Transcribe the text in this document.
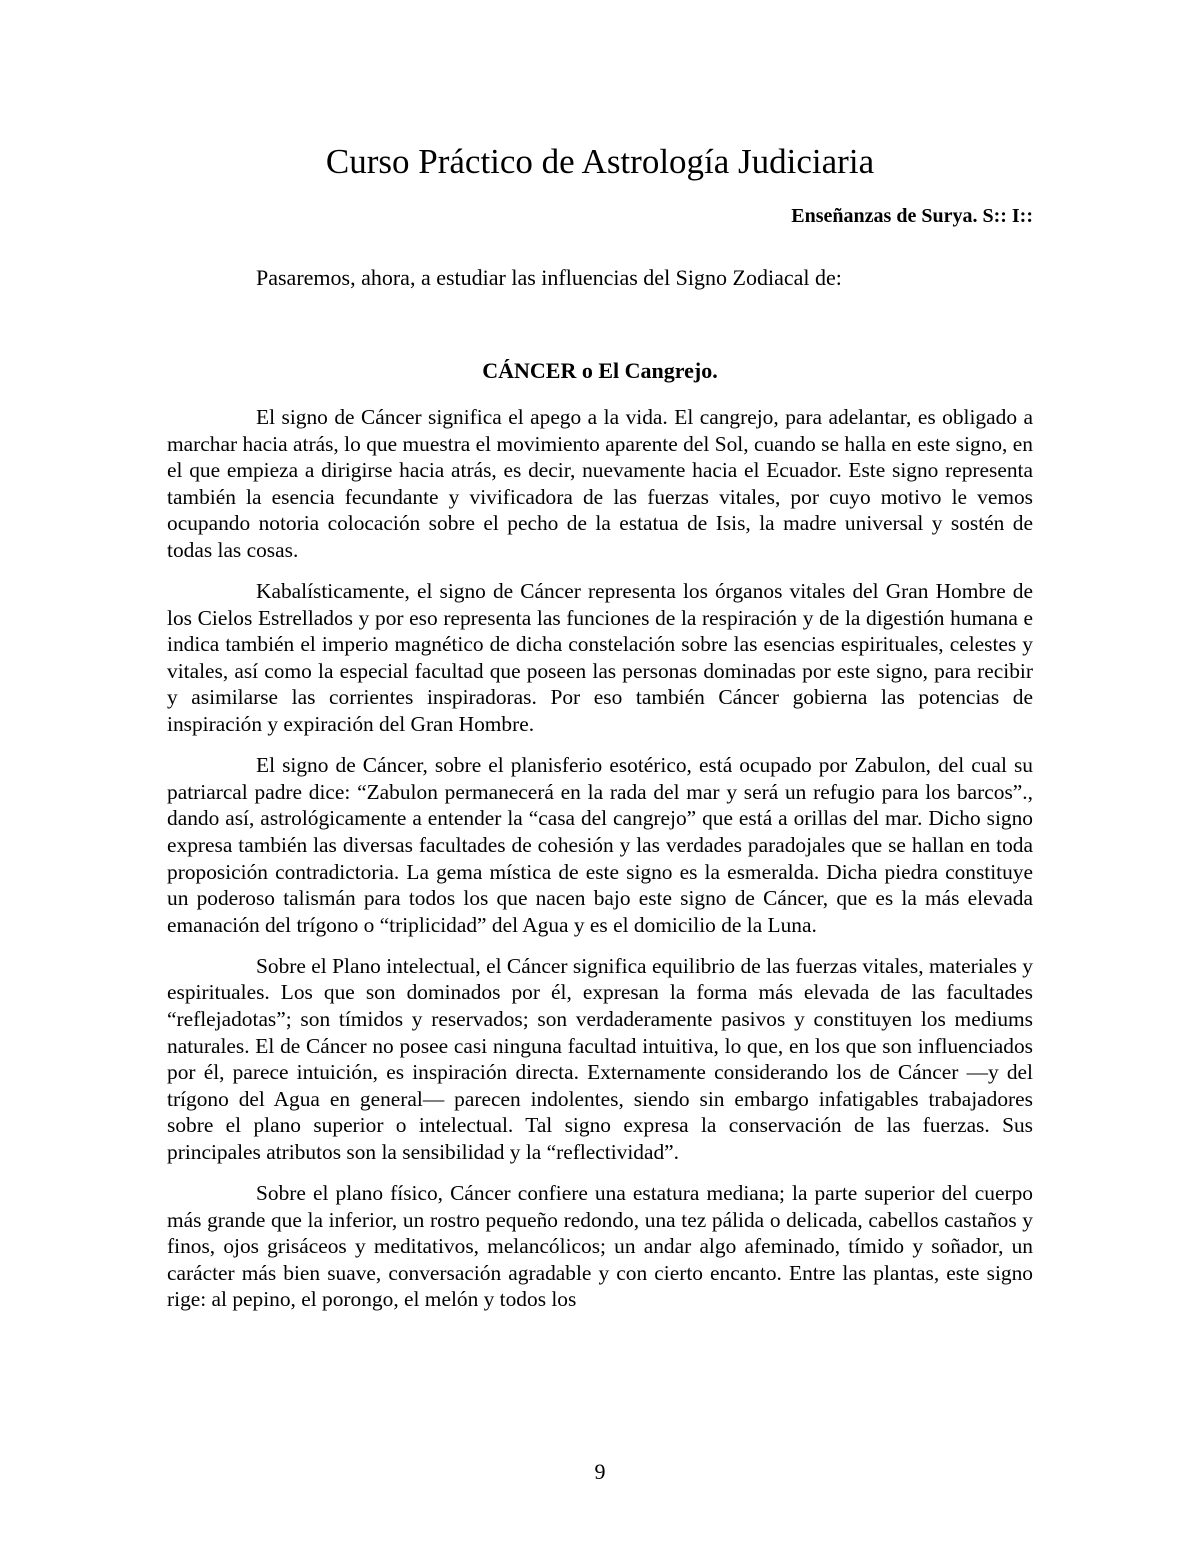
Curso Práctico de Astrología Judiciaria
Enseñanzas de Surya. S:: I::

Pasaremos, ahora, a estudiar las influencias del Signo Zodiacal de:

CÁNCER o El Cangrejo.

El signo de Cáncer significa el apego a la vida. El cangrejo, para adelantar, es obligado a marchar hacia atrás, lo que muestra el movimiento aparente del Sol, cuando se halla en este signo, en el que empieza a dirigirse hacia atrás, es decir, nuevamente hacia el Ecuador. Este signo representa también la esencia fecundante y vivificadora de las fuerzas vitales, por cuyo motivo le vemos ocupando notoria colocación sobre el pecho de la estatua de Isis, la madre universal y sostén de todas las cosas.

Kabalísticamente, el signo de Cáncer representa los órganos vitales del Gran Hombre de los Cielos Estrellados y por eso representa las funciones de la respiración y de la digestión humana e indica también el imperio magnético de dicha constelación sobre las esencias espirituales, celestes y vitales, así como la especial facultad que poseen las personas dominadas por este signo, para recibir y asimilarse las corrientes inspiradoras. Por eso también Cáncer gobierna las potencias de inspiración y expiración del Gran Hombre.

El signo de Cáncer, sobre el planisferio esotérico, está ocupado por Zabulon, del cual su patriarcal padre dice: “Zabulon permanecerá en la rada del mar y será un refugio para los barcos”., dando así, astrológicamente a entender la “casa del cangrejo” que está a orillas del mar. Dicho signo expresa también las diversas facultades de cohesión y las verdades paradojales que se hallan en toda proposición contradictoria. La gema mística de este signo es la esmeralda. Dicha piedra constituye un poderoso talismán para todos los que nacen bajo este signo de Cáncer, que es la más elevada emanación del trígono o “triplicidad” del Agua y es el domicilio de la Luna.

Sobre el Plano intelectual, el Cáncer significa equilibrio de las fuerzas vitales, materiales y espirituales. Los que son dominados por él, expresan la forma más elevada de las facultades “reflejadotas”; son tímidos y reservados; son verdaderamente pasivos y constituyen los mediums naturales. El de Cáncer no posee casi ninguna facultad intuitiva, lo que, en los que son influenciados por él, parece intuición, es inspiración directa. Externamente considerando los de Cáncer —y del trígono del Agua en general— parecen indolentes, siendo sin embargo infatigables trabajadores sobre el plano superior o intelectual. Tal signo expresa la conservación de las fuerzas. Sus principales atributos son la sensibilidad y la “reflectividad”.

Sobre el plano físico, Cáncer confiere una estatura mediana; la parte superior del cuerpo más grande que la inferior, un rostro pequeño redondo, una tez pálida o delicada, cabellos castaños y finos, ojos grisáceos y meditativos, melancólicos; un andar algo afeminado, tímido y soñador, un carácter más bien suave, conversación agradable y con cierto encanto. Entre las plantas, este signo rige: al pepino, el porongo, el melón y todos los

9
